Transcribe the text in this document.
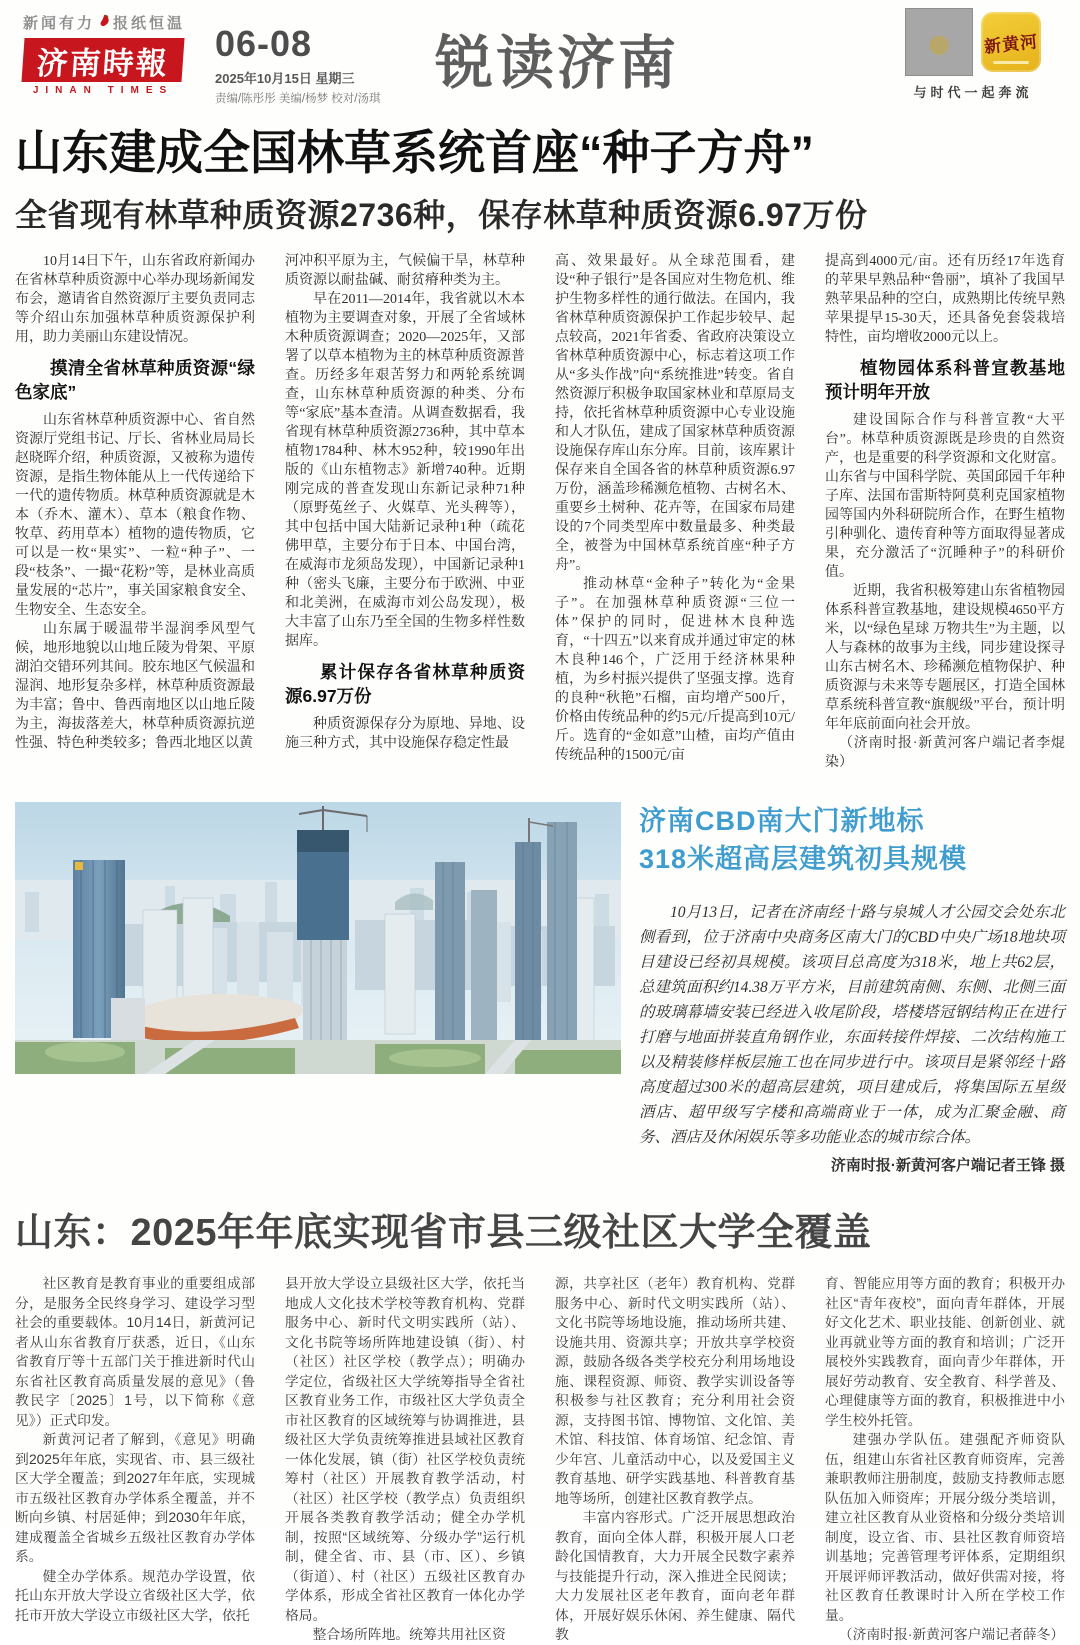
新闻有力 报纸恒温
济南時報
JINAN TIMES
06-08
2025年10月15日 星期三
责编/陈彤彤 美编/杨梦 校对/汤琪
锐读济南	新黄河
与时代一起奔流
山东建成全国林草系统首座“种子方舟”
全省现有林草种质资源2736种，保存林草种质资源6.97万份

10月14日下午，山东省政府新闻办在省林草种质资源中心举办现场新闻发布会，邀请省自然资源厅主要负责同志等介绍山东加强林草种质资源保护利用，助力美丽山东建设情况。

摸清全省林草种质资源“绿色家底”

山东省林草种质资源中心、省自然资源厅党组书记、厅长、省林业局局长赵晓晖介绍，种质资源，又被称为遗传资源，是指生物体能从上一代传递给下一代的遗传物质。林草种质资源就是木本（乔木、灌木）、草本（粮食作物、牧草、药用草本）植物的遗传物质，它可以是一枚“果实”、一粒“种子”、一段“枝条”、一撮“花粉”等，是林业高质量发展的“芯片”，事关国家粮食安全、生物安全、生态安全。

山东属于暖温带半湿润季风型气候，地形地貌以山地丘陵为骨架、平原湖泊交错环列其间。胶东地区气候温和湿润、地形复杂多样，林草种质资源最为丰富；鲁中、鲁西南地区以山地丘陵为主，海拔落差大，林草种质资源抗逆性强、特色种类较多；鲁西北地区以黄

河冲积平原为主，气候偏干旱，林草种质资源以耐盐碱、耐贫瘠种类为主。

早在2011—2014年，我省就以木本植物为主要调查对象，开展了全省域林木种质资源调查；2020—2025年，又部署了以草本植物为主的林草种质资源普查。历经多年艰苦努力和两轮系统调查，山东林草种质资源的种类、分布等“家底”基本查清。从调查数据看，我省现有林草种质资源2736种，其中草本植物1784种、林木952种，较1990年出版的《山东植物志》新增740种。近期刚完成的普查发现山东新记录种71种（原野菟丝子、火媒草、光头稗等），其中包括中国大陆新记录种1种（疏花佛甲草，主要分布于日本、中国台湾，在威海市龙须岛发现），中国新记录种1种（密头飞廉，主要分布于欧洲、中亚和北美洲，在威海市刘公岛发现），极大丰富了山东乃至全国的生物多样性数据库。

累计保存各省林草种质资源6.97万份

种质资源保存分为原地、异地、设施三种方式，其中设施保存稳定性最

高、效果最好。从全球范围看，建设“种子银行”是各国应对生物危机、维护生物多样性的通行做法。在国内，我省林草种质资源保护工作起步较早、起点较高，2021年省委、省政府决策设立省林草种质资源中心，标志着这项工作从“多头作战”向“系统推进”转变。省自然资源厅积极争取国家林业和草原局支持，依托省林草种质资源中心专业设施和人才队伍，建成了国家林草种质资源设施保存库山东分库。目前，该库累计保存来自全国各省的林草种质资源6.97万份，涵盖珍稀濒危植物、古树名木、重要乡土树种、花卉等，在国家布局建设的7个同类型库中数量最多、种类最全，被誉为中国林草系统首座“种子方舟”。

推动林草“金种子”转化为“金果子”。在加强林草种质资源“三位一体”保护的同时，促进林木良种选育，“十四五”以来育成并通过审定的林木良种146个，广泛用于经济林果种植，为乡村振兴提供了坚强支撑。选育的良种“秋艳”石榴，亩均增产500斤，价格由传统品种的约5元/斤提高到10元/斤。选育的“金如意”山楂，亩均产值由传统品种的1500元/亩

提高到4000元/亩。还有历经17年选育的苹果早熟品种“鲁丽”，填补了我国早熟苹果品种的空白，成熟期比传统早熟苹果提早15-30天，还具备免套袋栽培特性，亩均增收2000元以上。

植物园体系科普宣教基地预计明年开放

建设国际合作与科普宣教“大平台”。林草种质资源既是珍贵的自然资产，也是重要的科学资源和文化财富。山东省与中国科学院、英国邱园千年种子库、法国布雷斯特阿莫利克国家植物园等国内外科研院所合作，在野生植物引种驯化、遗传育种等方面取得显著成果，充分激活了“沉睡种子”的科研价值。

近期，我省积极筹建山东省植物园体系科普宣教基地，建设规模4650平方米，以“绿色星球 万物共生”为主题，以人与森林的故事为主线，同步建设探寻山东古树名木、珍稀濒危植物保护、种质资源与未来等专题展区，打造全国林草系统科普宣教“旗舰级”平台，预计明年年底前面向社会开放。

（济南时报·新黄河客户端记者李焜染）

济南CBD南大门新地标
318米超高层建筑初具规模

10月13日，记者在济南经十路与泉城人才公园交会处东北侧看到，位于济南中央商务区南大门的CBD中央广场18地块项目建设已经初具规模。该项目总高度为318米，地上共62层，总建筑面积约14.38万平方米，目前建筑南侧、东侧、北侧三面的玻璃幕墙安装已经进入收尾阶段，塔楼塔冠钢结构正在进行打磨与地面拼装直角钢作业，东面转接件焊接、二次结构施工以及精装修样板层施工也在同步进行中。该项目是紧邻经十路高度超过300米的超高层建筑，项目建成后，将集国际五星级酒店、超甲级写字楼和高端商业于一体，成为汇聚金融、商务、酒店及休闲娱乐等多功能业态的城市综合体。

济南时报·新黄河客户端记者王锋 摄
山东：2025年年底实现省市县三级社区大学全覆盖

社区教育是教育事业的重要组成部分，是服务全民终身学习、建设学习型社会的重要载体。10月14日，新黄河记者从山东省教育厅获悉，近日，《山东省教育厅等十五部门关于推进新时代山东省社区教育高质量发展的意见》（鲁教民字〔2025〕1号，以下简称《意见》）正式印发。

新黄河记者了解到，《意见》明确到2025年年底，实现省、市、县三级社区大学全覆盖；到2027年年底，实现城市五级社区教育办学体系全覆盖，并不断向乡镇、村居延伸；到2030年年底，建成覆盖全省城乡五级社区教育办学体系。

健全办学体系。规范办学设置，依托山东开放大学设立省级社区大学，依托市开放大学设立市级社区大学，依托

县开放大学设立县级社区大学，依托当地成人文化技术学校等教育机构、党群服务中心、新时代文明实践所（站）、文化书院等场所阵地建设镇（街）、村（社区）社区学校（教学点）；明确办学定位，省级社区大学统筹指导全省社区教育业务工作，市级社区大学负责全市社区教育的区域统筹与协调推进，县级社区大学负责统筹推进县域社区教育一体化发展，镇（街）社区学校负责统筹村（社区）开展教育教学活动，村（社区）社区学校（教学点）负责组织开展各类教育教学活动；健全办学机制，按照“区域统筹、分级办学”运行机制，健全省、市、县（市、区）、乡镇（街道）、村（社区）五级社区教育办学体系，形成全省社区教育一体化办学格局。

整合场所阵地。统筹共用社区资

源，共享社区（老年）教育机构、党群服务中心、新时代文明实践所（站）、文化书院等场地设施，推动场所共建、设施共用、资源共享；开放共享学校资源，鼓励各级各类学校充分利用场地设施、课程资源、师资、教学实训设备等积极参与社区教育；充分利用社会资源，支持图书馆、博物馆、文化馆、美术馆、科技馆、体育场馆、纪念馆、青少年宫、儿童活动中心，以及爱国主义教育基地、研学实践基地、科普教育基地等场所，创建社区教育教学点。

丰富内容形式。广泛开展思想政治教育，面向全体人群，积极开展人口老龄化国情教育，大力开展全民数字素养与技能提升行动，深入推进全民阅读；大力发展社区老年教育，面向老年群体，开展好娱乐休闲、养生健康、隔代教

育、智能应用等方面的教育；积极开办社区“青年夜校”，面向青年群体，开展好文化艺术、职业技能、创新创业、就业再就业等方面的教育和培训；广泛开展校外实践教育，面向青少年群体，开展好劳动教育、安全教育、科学普及、心理健康等方面的教育，积极推进中小学生校外托管。

建强办学队伍。建强配齐师资队伍，组建山东省社区教育师资库，完善兼职教师注册制度，鼓励支持教师志愿队伍加入师资库；开展分级分类培训，建立社区教育从业资格和分级分类培训制度，设立省、市、县社区教育师资培训基地；完善管理考评体系，定期组织开展评师评教活动，做好供需对接，将社区教育任教课时计入所在学校工作量。

（济南时报·新黄河客户端记者薛冬）
